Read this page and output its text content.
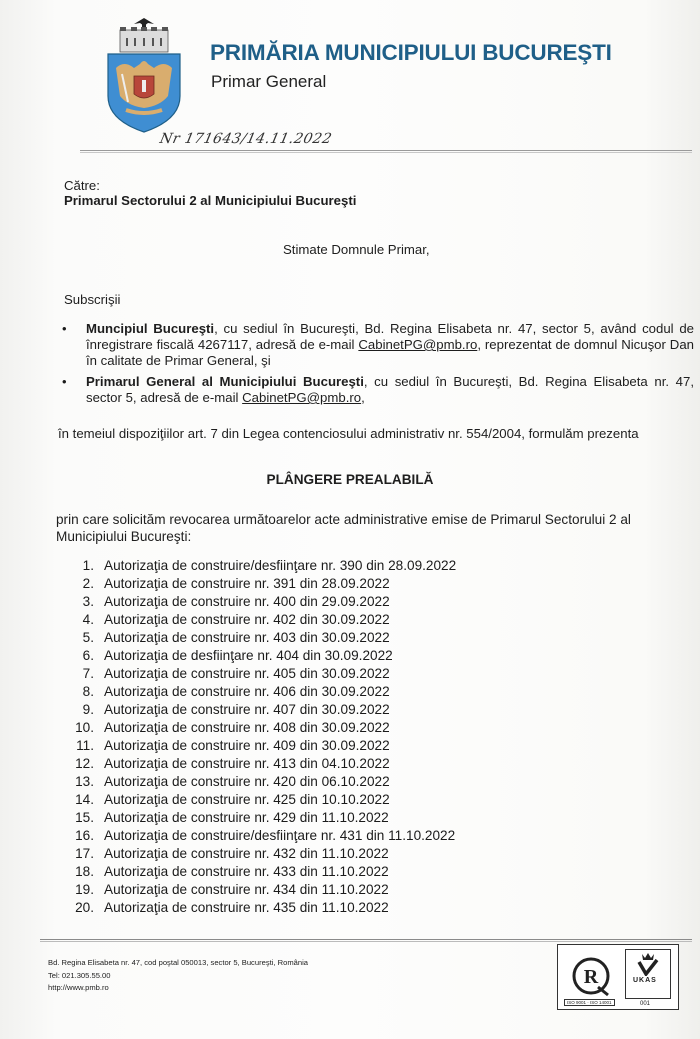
PRIMĂRIA MUNICIPIULUI BUCUREŞTI
Primar General
Nr 171643/14.11.2022
Către:
Primarul Sectorului 2 al Municipiului Bucureşti
Stimate Domnule Primar,
Subscrişii
• Muncipiul Bucureşti, cu sediul în Bucureşti, Bd. Regina Elisabeta nr. 47, sector 5, având codul de înregistrare fiscală 4267117, adresă de e-mail CabinetPG@pmb.ro, reprezentat de domnul Nicuşor Dan în calitate de Primar General, şi
• Primarul General al Municipiului Bucureşti, cu sediul în Bucureşti, Bd. Regina Elisabeta nr. 47, sector 5, adresă de e-mail CabinetPG@pmb.ro,
în temeiul dispoziţiilor art. 7 din Legea contenciosului administrativ nr. 554/2004, formulăm prezenta
PLÂNGERE PREALABILĂ
prin care solicităm revocarea următoarelor acte administrative emise de Primarul Sectorului 2 al Municipiului Bucureşti:
1. Autorizaţia de construire/desfiinţare nr. 390 din 28.09.2022
2. Autorizaţia de construire nr. 391 din 28.09.2022
3. Autorizaţia de construire nr. 400 din 29.09.2022
4. Autorizaţia de construire nr. 402 din 30.09.2022
5. Autorizaţia de construire nr. 403 din 30.09.2022
6. Autorizaţia de desfiinţare nr. 404 din 30.09.2022
7. Autorizaţia de construire nr. 405 din 30.09.2022
8. Autorizaţia de construire nr. 406 din 30.09.2022
9. Autorizaţia de construire nr. 407 din 30.09.2022
10. Autorizaţia de construire nr. 408 din 30.09.2022
11. Autorizaţia de construire nr. 409 din 30.09.2022
12. Autorizaţia de construire nr. 413 din 04.10.2022
13. Autorizaţia de construire nr. 420 din 06.10.2022
14. Autorizaţia de construire nr. 425 din 10.10.2022
15. Autorizaţia de construire nr. 429 din 11.10.2022
16. Autorizaţia de construire/desfiinţare nr. 431 din 11.10.2022
17. Autorizaţia de construire nr. 432 din 11.10.2022
18. Autorizaţia de construire nr. 433 din 11.10.2022
19. Autorizaţia de construire nr. 434 din 11.10.2022
20. Autorizaţia de construire nr. 435 din 11.10.2022
Bd. Regina Elisabeta nr. 47, cod poştal 050013, sector 5, Bucureşti, România
Tel: 021.305.55.00
http://www.pmb.ro	R
ISO 9001 · ISO 14001
UKAS
001
